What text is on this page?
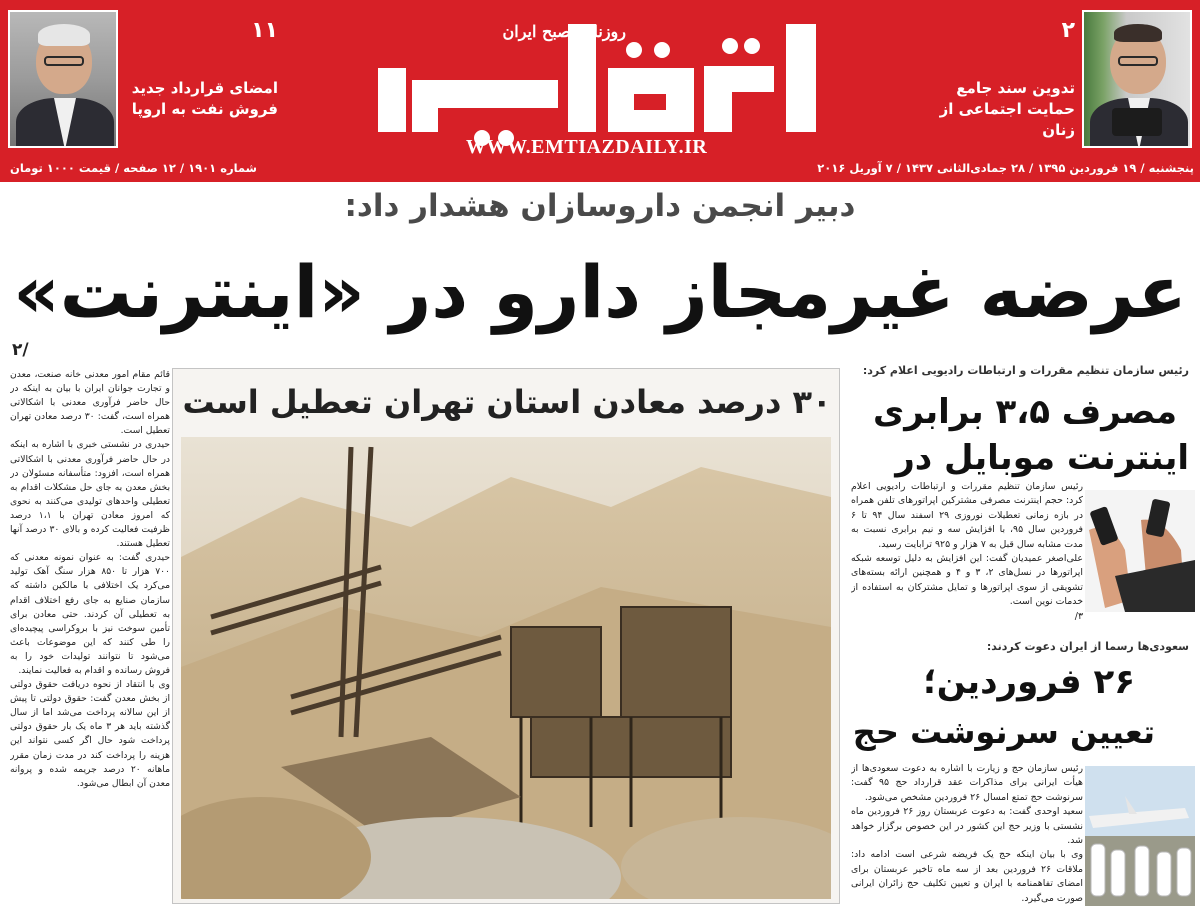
۱۱
امضای قرارداد جدید
فروش نفت به اروپا
روزنامه صبح ایران
WWW.EMTIAZDAILY.IR
۲
تدوین سند جامع
حمایت اجتماعی از زنان
شماره ۱۹۰۱ / ۱۲ صفحه / قیمت ۱۰۰۰ تومان	پنجشنبه / ۱۹ فروردین ۱۳۹۵ / ۲۸ جمادی‌الثانی ۱۴۳۷ / ۷ آوریل ۲۰۱۶
دبیر انجمن داروسازان هشدار داد:
عرضه غیرمجاز دارو در «اینترنت»
۲/

قائم مقام امور معدنی خانه صنعت، معدن و تجارت جوانان ایران با بیان به اینکه در حال حاضر فرآوری معدنی با اشکالاتی همراه است، گفت: ۳۰ درصد معادن تهران تعطیل است.

حیدری در نشستی خبری با اشاره به اینکه در حال حاضر فرآوری معدنی با اشکالاتی همراه است، افزود: متأسفانه مسئولان در بخش معدن به جای حل مشکلات اقدام به تعطیلی واحدهای تولیدی می‌کنند به نحوی که امروز معادن تهران با ۱،۱ درصد ظرفیت فعالیت کرده و بالای ۳۰ درصد آنها تعطیل هستند.

حیدری گفت: به عنوان نمونه معدنی که ۷۰۰ هزار تا ۸۵۰ هزار سنگ آهک تولید می‌کرد یک اختلافی با مالکین داشته که سازمان صنایع به جای رفع اختلاف اقدام به تعطیلی آن کردند. حتی معادن برای تأمین سوخت نیز با بروکراسی پیچیده‌ای را طی کنند که این موضوعات باعث می‌شود تا نتوانند تولیدات خود را به فروش رسانده و اقدام به فعالیت نمایند.

وی با انتقاد از نحوه دریافت حقوق دولتی از بخش معدن گفت: حقوق دولتی تا پیش از این سالانه پرداخت می‌شد اما از سال گذشته باید هر ۳ ماه یک بار حقوق دولتی پرداخت شود حال اگر کسی نتواند این هزینه را پرداخت کند در مدت زمان مقرر ماهانه ۲۰ درصد جریمه شده و پروانه معدن آن ابطال می‌شود.

۳۰ درصد معادن استان تهران تعطیل است
رئیس سازمان تنظیم مقررات و ارتباطات رادیویی اعلام کرد:
مصرف ۳،۵ برابری
اینترنت موبایل در

رئیس سازمان تنظیم مقررات و ارتباطات رادیویی اعلام کرد: حجم اینترنت مصرفی مشترکین اپراتورهای تلفن همراه در بازه زمانی تعطیلات نوروزی ۲۹ اسفند سال ۹۴ تا ۶ فروردین سال ۹۵، با افزایش سه و نیم برابری نسبت به مدت مشابه سال قبل به ۷ هزار و ۹۲۵ ترابایت رسید.

علی‌اصغر عمیدیان گفت: این افزایش به دلیل توسعه شبکه اپراتورها در نسل‌های ۲، ۳ و ۴ و همچنین ارائه بسته‌های تشویقی از سوی اپراتورها و تمایل مشترکان به استفاده از خدمات نوین است.

۳/

سعودی‌ها رسما از ایران دعوت کردند:
۲۶ فروردین؛
تعیین سرنوشت حج

رئیس سازمان حج و زیارت با اشاره به دعوت سعودی‌ها از هیأت ایرانی برای مذاکرات عقد قرارداد حج ۹۵ گفت: سرنوشت حج تمتع امسال ۲۶ فروردین مشخص می‌شود.

سعید اوحدی گفت: به دعوت عربستان روز ۲۶ فروردین ماه نشستی با وزیر حج این کشور در این خصوص برگزار خواهد شد.

وی با بیان اینکه حج یک فریضه شرعی است ادامه داد: ملاقات ۲۶ فروردین بعد از سه ماه تاخیر عربستان برای امضای تفاهمنامه با ایران و تعیین تکلیف حج زائران ایرانی صورت می‌گیرد.
